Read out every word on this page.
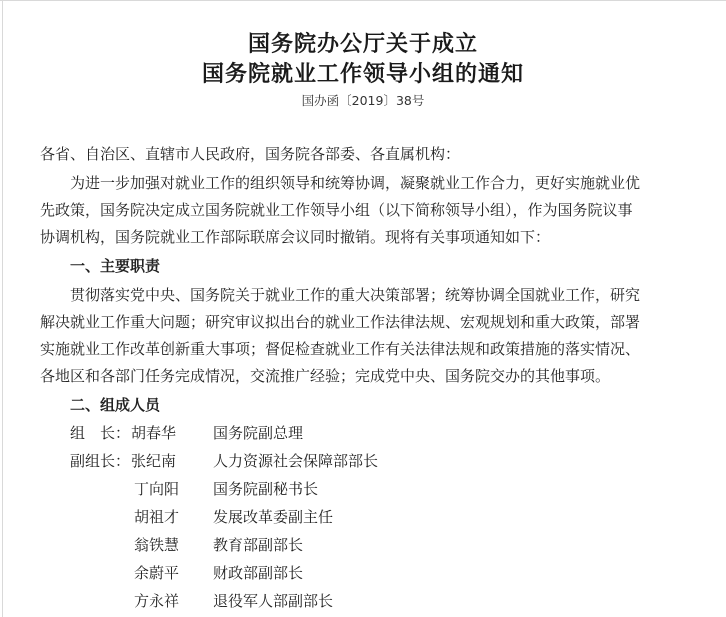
国务院办公厅关于成立
国务院就业工作领导小组的通知
国办函〔2019〕38号
各省、自治区、直辖市人民政府，国务院各部委、各直属机构：
为进一步加强对就业工作的组织领导和统筹协调，凝聚就业工作合力，更好实施就业优
先政策，国务院决定成立国务院就业工作领导小组（以下简称领导小组），作为国务院议事
协调机构，国务院就业工作部际联席会议同时撤销。现将有关事项通知如下：
一、主要职责
贯彻落实党中央、国务院关于就业工作的重大决策部署；统筹协调全国就业工作，研究
解决就业工作重大问题；研究审议拟出台的就业工作法律法规、宏观规划和重大政策，部署
实施就业工作改革创新重大事项；督促检查就业工作有关法律法规和政策措施的落实情况、
各地区和各部门任务完成情况，交流推广经验；完成党中央、国务院交办的其他事项。
二、组成人员
组　长： 胡春华 国务院副总理
副组长： 张纪南 人力资源社会保障部部长
丁向阳 国务院副秘书长
胡祖才 发展改革委副主任
翁铁慧 教育部副部长
余蔚平 财政部副部长
方永祥 退役军人部副部长
